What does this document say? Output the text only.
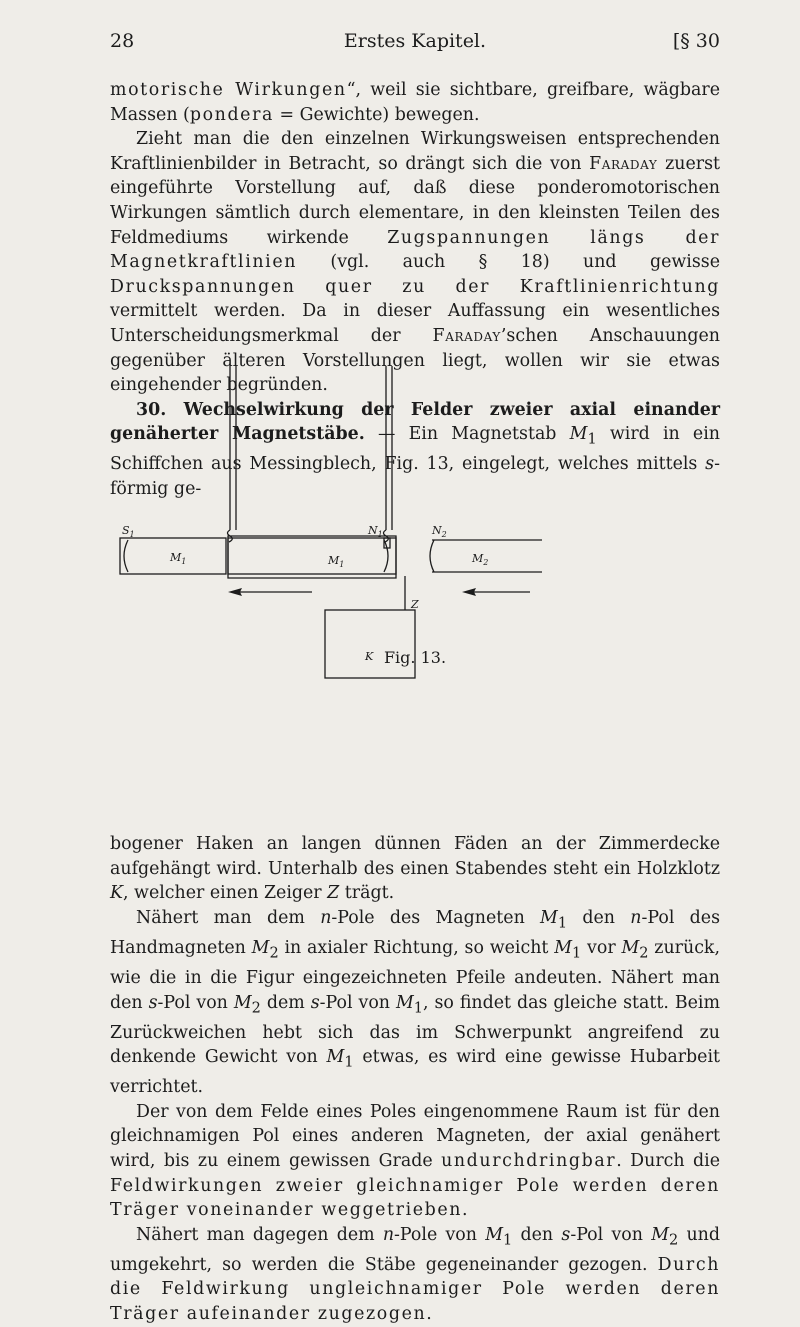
28	Erstes Kapitel.	[§ 30

motorische Wirkungen“, weil sie sichtbare, greifbare, wägbare Massen (pondera = Gewichte) bewegen.

Zieht man die den einzelnen Wirkungsweisen entsprechenden Kraftlinienbilder in Betracht, so drängt sich die von Faraday zuerst eingeführte Vorstellung auf, daß diese ponderomotorischen Wirkungen sämtlich durch elementare, in den kleinsten Teilen des Feldmediums wirkende Zugspannungen längs der Magnetkraftlinien (vgl. auch § 18) und gewisse Druckspannungen quer zu der Kraftlinienrichtung vermittelt werden. Da in dieser Auffassung ein wesentliches Unterscheidungsmerkmal der Faraday’schen Anschauungen gegenüber älteren Vorstellungen liegt, wollen wir sie etwas eingehender begründen.

30. Wechselwirkung der Felder zweier axial einander genäherter Magnetstäbe. — Ein Magnetstab $M_1$ wird in ein Schiffchen aus Messingblech, Fig. 13, eingelegt, welches mittels s-förmig ge-

$S_1$
$M_1$	$M_1$
$N_1$	$N_2$
$M_2$
Z
K Fig. 13.

bogener Haken an langen dünnen Fäden an der Zimmerdecke aufgehängt wird. Unterhalb des einen Stabendes steht ein Holzklotz K, welcher einen Zeiger Z trägt.

Nähert man dem n-Pole des Magneten $M_1$ den n-Pol des Handmagneten $M_2$ in axialer Richtung, so weicht $M_1$ vor $M_2$ zurück, wie die in die Figur eingezeichneten Pfeile andeuten. Nähert man den s-Pol von $M_2$ dem s-Pol von $M_1$, so findet das gleiche statt. Beim Zurückweichen hebt sich das im Schwerpunkt angreifend zu denkende Gewicht von $M_1$ etwas, es wird eine gewisse Hubarbeit verrichtet.

Der von dem Felde eines Poles eingenommene Raum ist für den gleichnamigen Pol eines anderen Magneten, der axial genähert wird, bis zu einem gewissen Grade undurchdringbar. Durch die Feldwirkungen zweier gleichnamiger Pole werden deren Träger voneinander weggetrieben.

Nähert man dagegen dem n-Pole von $M_1$ den s-Pol von $M_2$ und umgekehrt, so werden die Stäbe gegeneinander gezogen. Durch die Feldwirkung ungleichnamiger Pole werden deren Träger aufeinander zugezogen.
